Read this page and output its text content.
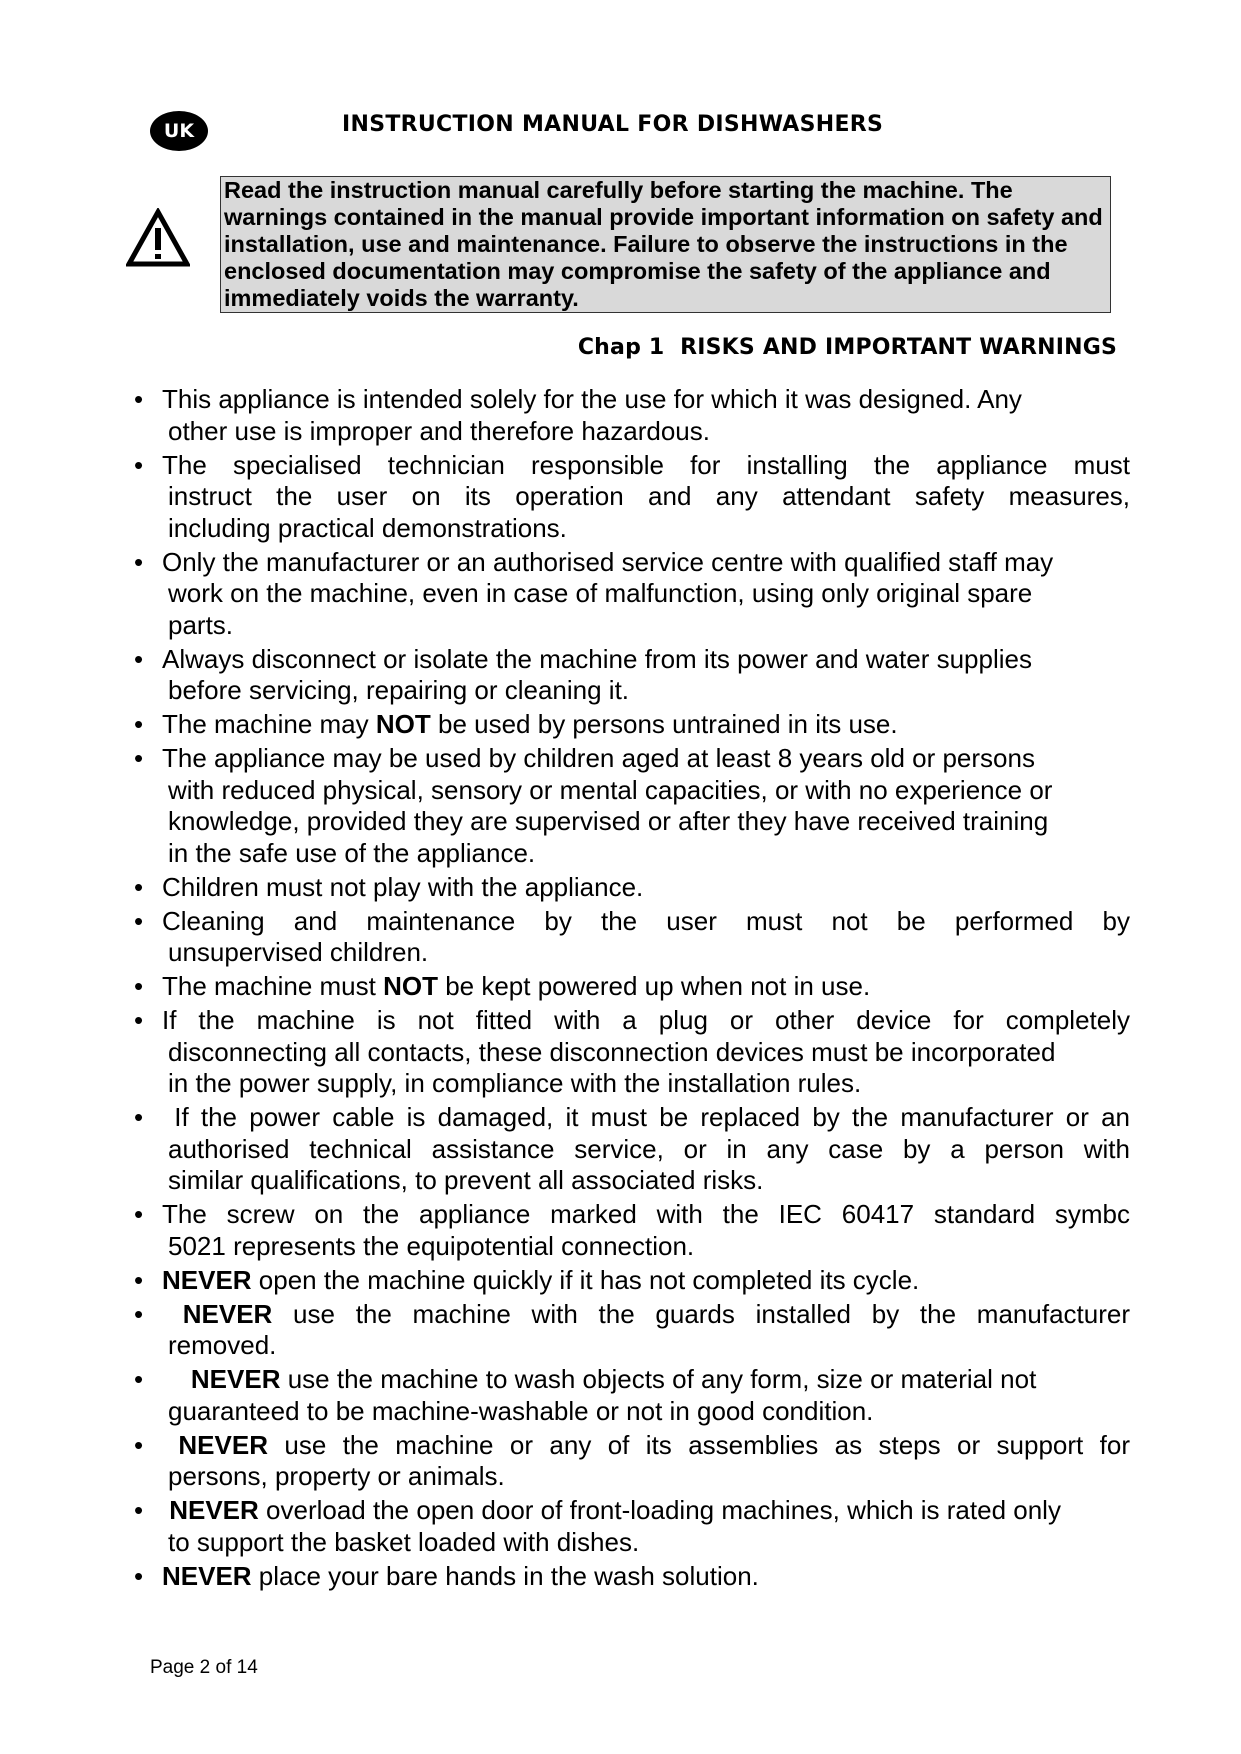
UK	INSTRUCTION MANUAL FOR DISHWASHERS

Read the instruction manual carefully before starting the machine. The

warnings contained in the manual provide important information on safety and

installation, use and maintenance. Failure to observe the instructions in the

enclosed documentation may compromise the safety of the appliance and

immediately voids the warranty.

Chap 1  RISKS AND IMPORTANT WARNINGS
• This appliance is intended solely for the use for which it was designed. Any
other use is improper and therefore hazardous.
• The specialised technician responsible for installing the appliance must
instruct the user on its operation and any attendant safety measures,
including practical demonstrations.
• Only the manufacturer or an authorised service centre with qualified staff may
work on the machine, even in case of malfunction, using only original spare
parts.
• Always disconnect or isolate the machine from its power and water supplies
before servicing, repairing or cleaning it.
• The machine may NOT be used by persons untrained in its use.
• The appliance may be used by children aged at least 8 years old or persons
with reduced physical, sensory or mental capacities, or with no experience or
knowledge, provided they are supervised or after they have received training
in the safe use of the appliance.
• Children must not play with the appliance.
• Cleaning and maintenance by the user must not be performed by
unsupervised children.
• The machine must NOT be kept powered up when not in use.
• If the machine is not fitted with a plug or other device for completely
disconnecting all contacts, these disconnection devices must be incorporated
in the power supply, in compliance with the installation rules.
• If the power cable is damaged, it must be replaced by the manufacturer or an
authorised technical assistance service, or in any case by a person with
similar qualifications, to prevent all associated risks.
• The screw on the appliance marked with the IEC 60417 standard symbc
5021 represents the equipotential connection.
• NEVER open the machine quickly if it has not completed its cycle.
• NEVER use the machine with the guards installed by the manufacturer
removed.
• NEVER use the machine to wash objects of any form, size or material not
guaranteed to be machine-washable or not in good condition.
• NEVER use the machine or any of its assemblies as steps or support for
persons, property or animals.
• NEVER overload the open door of front-loading machines, which is rated only
to support the basket loaded with dishes.
• NEVER place your bare hands in the wash solution.
Page 2 of 14
